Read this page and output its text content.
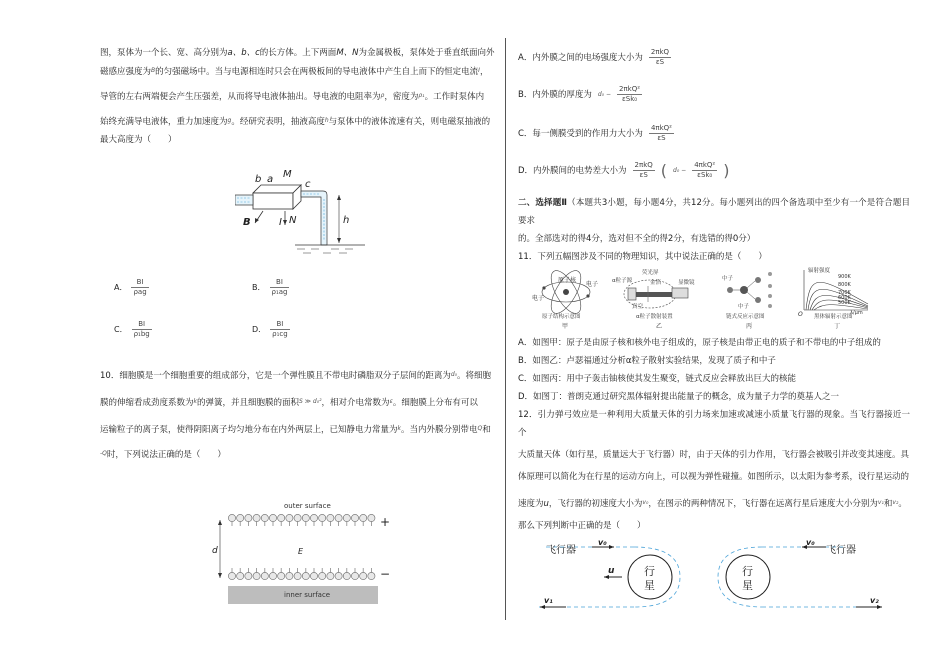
图，泵体为一个长、宽、高分别为a、b、c的长方体。上下两面M、N为金属极板，泵体处于垂直纸面向外

磁感应强度为$^B$的匀强磁场中。当与电源相连时只会在两极板间的导电液体中产生自上而下的恒定电流$^I$，

导管的左右两端便会产生压强差，从而将导电液体抽出。导电液的电阻率为$^\rho$，密度为$^{\rho_1}$。工作时泵体内

始终充满导电液体，重力加速度为$^g$。经研究表明，抽液高度$^h$与泵体中的液体流速有关，则电磁泵抽液的

最大高度为（　　）

b a M
c
B	I N	h
A． $\frac{BI}{\text{ρag}}$	B． $\frac{BI}{\text{ρ₁ag}}$
C． $\frac{BI}{\text{ρ₁bg}}$	D． $\frac{BI}{\text{ρ₁cg}}$

10．细胞膜是一个细胞重要的组成部分，它是一个弹性膜且不带电时磷脂双分子层间的距离为$^{d_0}$。将细胞

膜的伸缩看成劲度系数为$^k$的弹簧，并且细胞膜的面积$^{S ≫ d_0^2}$，相对介电常数为$^\varepsilon$。细胞膜上分布有可以

运输粒子的离子泵，使得阴阳离子均匀地分布在内外两层上，已知静电力常量为$^k$。当内外膜分别带电$^Q$和

$^{-Q}$时，下列说法正确的是（　　）

outer surface
inner surface
d	E
+
−
A．内外膜之间的电场强度大小为 $\frac{\text{2πkQ}}{\varepsilon S}$
B．内外膜的厚度为 $d_0 - \frac{\text{2πkQ²}}{\text{εSk₀}}$
C．每一侧膜受到的作用力大小为 $\frac{\text{4πkQ²}}{\varepsilon S}$
D．内外膜间的电势差大小为 $\frac{\text{2πkQ}}{\varepsilon S}$ ( $d_0 - \frac{\text{4πkQ²}}{\text{εSk₀}}$ )

二、选择题Ⅱ（本题共3小题，每小题4分，共12分。每小题列出的四个备选项中至少有一个是符合题目要求

的。全部选对的得4分，选对但不全的得2分，有选错的得0分）

11．下列五幅图涉及不同的物理知识，其中说法正确的是（　　）

电子
原子核
电子
原子结构示意图
甲
荧光屏
α粒子源	金箔	显微镜
真空
α粒子散射装置
乙
中子
中子
链式反应示意图
丙
辐射强度
900K
800K
700K
600K
500K
λ/μm
O 黑体辐射示意图
丁

A．如图甲：原子是由原子核和核外电子组成的，原子核是由带正电的质子和不带电的中子组成的

B．如图乙：卢瑟福通过分析α粒子散射实验结果，发现了质子和中子

C．如图丙：用中子轰击铀核使其发生聚变，链式反应会释放出巨大的核能

D．如图丁：普朗克通过研究黑体辐射提出能量子的概念，成为量子力学的奠基人之一

12．引力弹弓效应是一种利用大质量天体的引力场来加速或减速小质量飞行器的现象。当飞行器接近一个

大质量天体（如行星，质量远大于飞行器）时，由于天体的引力作用，飞行器会被吸引并改变其速度。具

体原理可以简化为在行星的运动方向上，可以视为弹性碰撞。如图所示，以太阳为参考系，设行星运动的

速度为u，飞行器的初速度大小为$^{v_0}$，在图示的两种情况下，飞行器在远离行星后速度大小分别为$^{v_1}$和$^{v_2}$。

那么下列判断中正确的是（　　）

飞行器
v₀
u	行
星
v₁
v₀
飞行器
行
星
v₂
